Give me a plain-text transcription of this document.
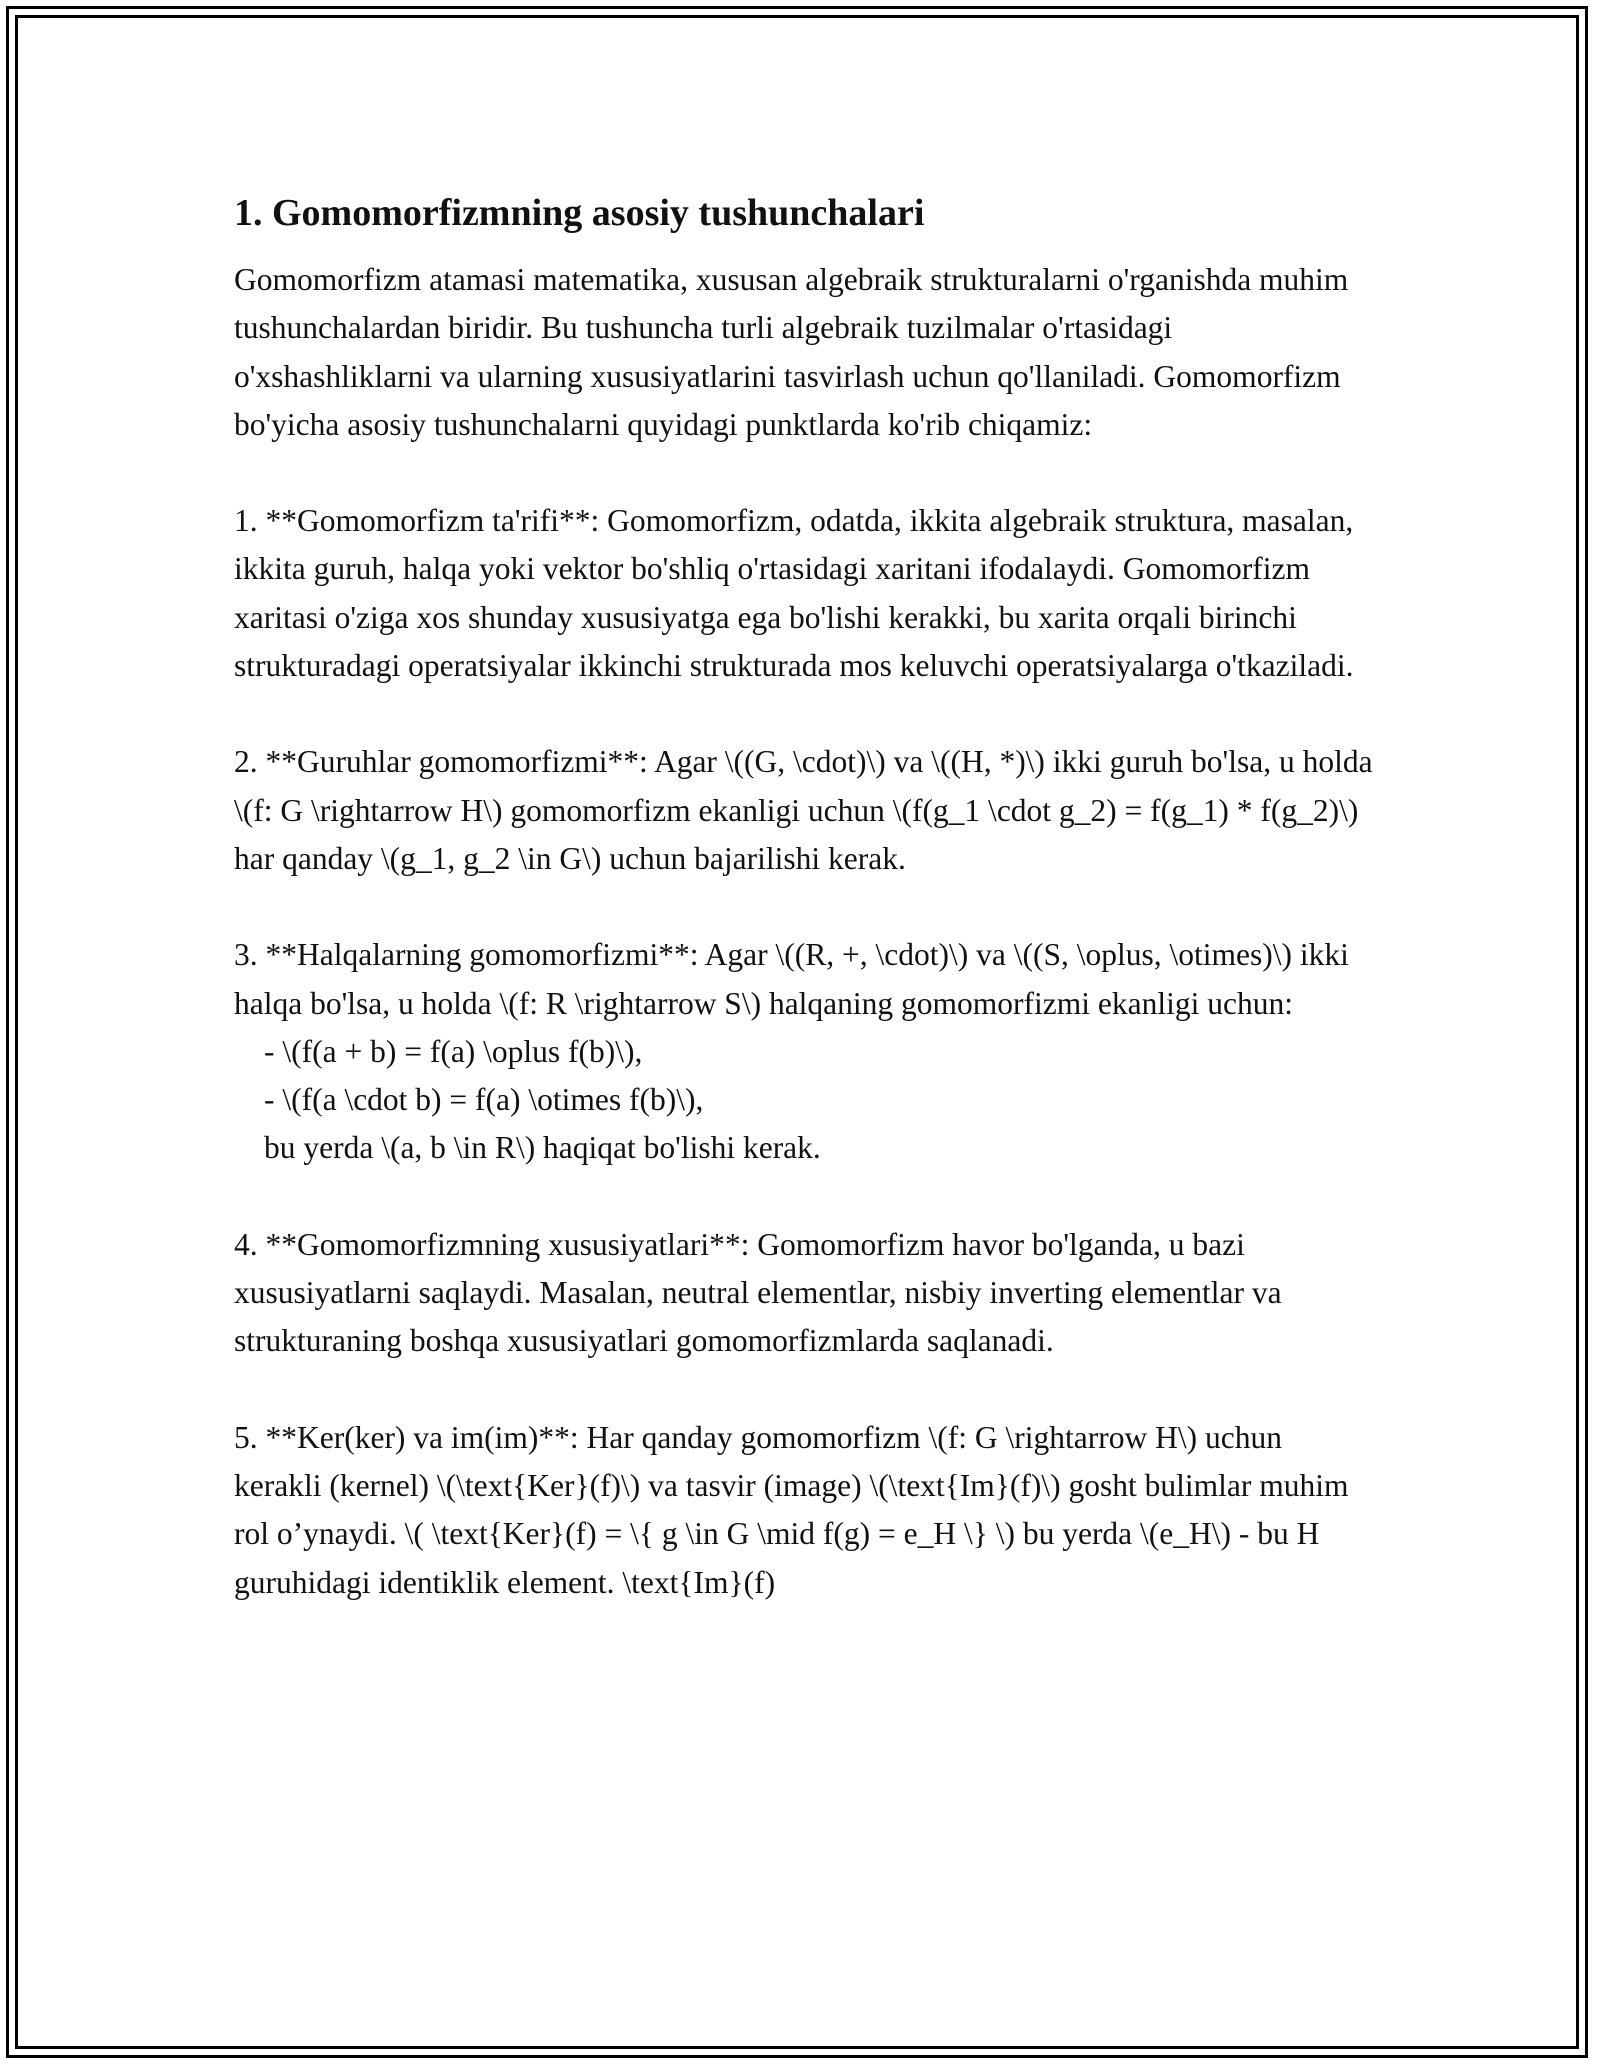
1. Gomomorfizmning asosiy tushunchalari

Gomomorfizm atamasi matematika, xususan algebraik strukturalarni o'rganishda muhim tushunchalardan biridir. Bu tushuncha turli algebraik tuzilmalar o'rtasidagi o'xshashliklarni va ularning xususiyatlarini tasvirlash uchun qo'llaniladi. Gomomorfizm bo'yicha asosiy tushunchalarni quyidagi punktlarda ko'rib chiqamiz:

1. **Gomomorfizm ta'rifi**: Gomomorfizm, odatda, ikkita algebraik struktura, masalan, ikkita guruh, halqa yoki vektor bo'shliq o'rtasidagi xaritani ifodalaydi. Gomomorfizm xaritasi o'ziga xos shunday xususiyatga ega bo'lishi kerakki, bu xarita orqali birinchi strukturadagi operatsiyalar ikkinchi strukturada mos keluvchi operatsiyalarga o'tkaziladi.

2. **Guruhlar gomomorfizmi**: Agar \((G, \cdot)\) va \((H, *)\) ikki guruh bo'lsa, u holda \(f: G \rightarrow H\) gomomorfizm ekanligi uchun \(f(g_1 \cdot g_2) = f(g_1) * f(g_2)\) har qanday \(g_1, g_2 \in G\) uchun bajarilishi kerak.

3. **Halqalarning gomomorfizmi**: Agar \((R, +, \cdot)\) va \((S, \oplus, \otimes)\) ikki halqa bo'lsa, u holda \(f: R \rightarrow S\) halqaning gomomorfizmi ekanligi uchun:

- \(f(a + b) = f(a) \oplus f(b)\),

- \(f(a \cdot b) = f(a) \otimes f(b)\),

bu yerda \(a, b \in R\) haqiqat bo'lishi kerak.

4. **Gomomorfizmning xususiyatlari**: Gomomorfizm havor bo'lganda, u bazi xususiyatlarni saqlaydi. Masalan, neutral elementlar, nisbiy inverting elementlar va strukturaning boshqa xususiyatlari gomomorfizmlarda saqlanadi.

5. **Ker(ker) va im(im)**: Har qanday gomomorfizm \(f: G \rightarrow H\) uchun kerakli (kernel) \(\text{Ker}(f)\) va tasvir (image) \(\text{Im}(f)\) gosht bulimlar muhim rol o’ynaydi. \( \text{Ker}(f) = \{ g \in G \mid f(g) = e_H \} \) bu yerda \(e_H\) - bu H guruhidagi identiklik element. \text{Im}(f)
